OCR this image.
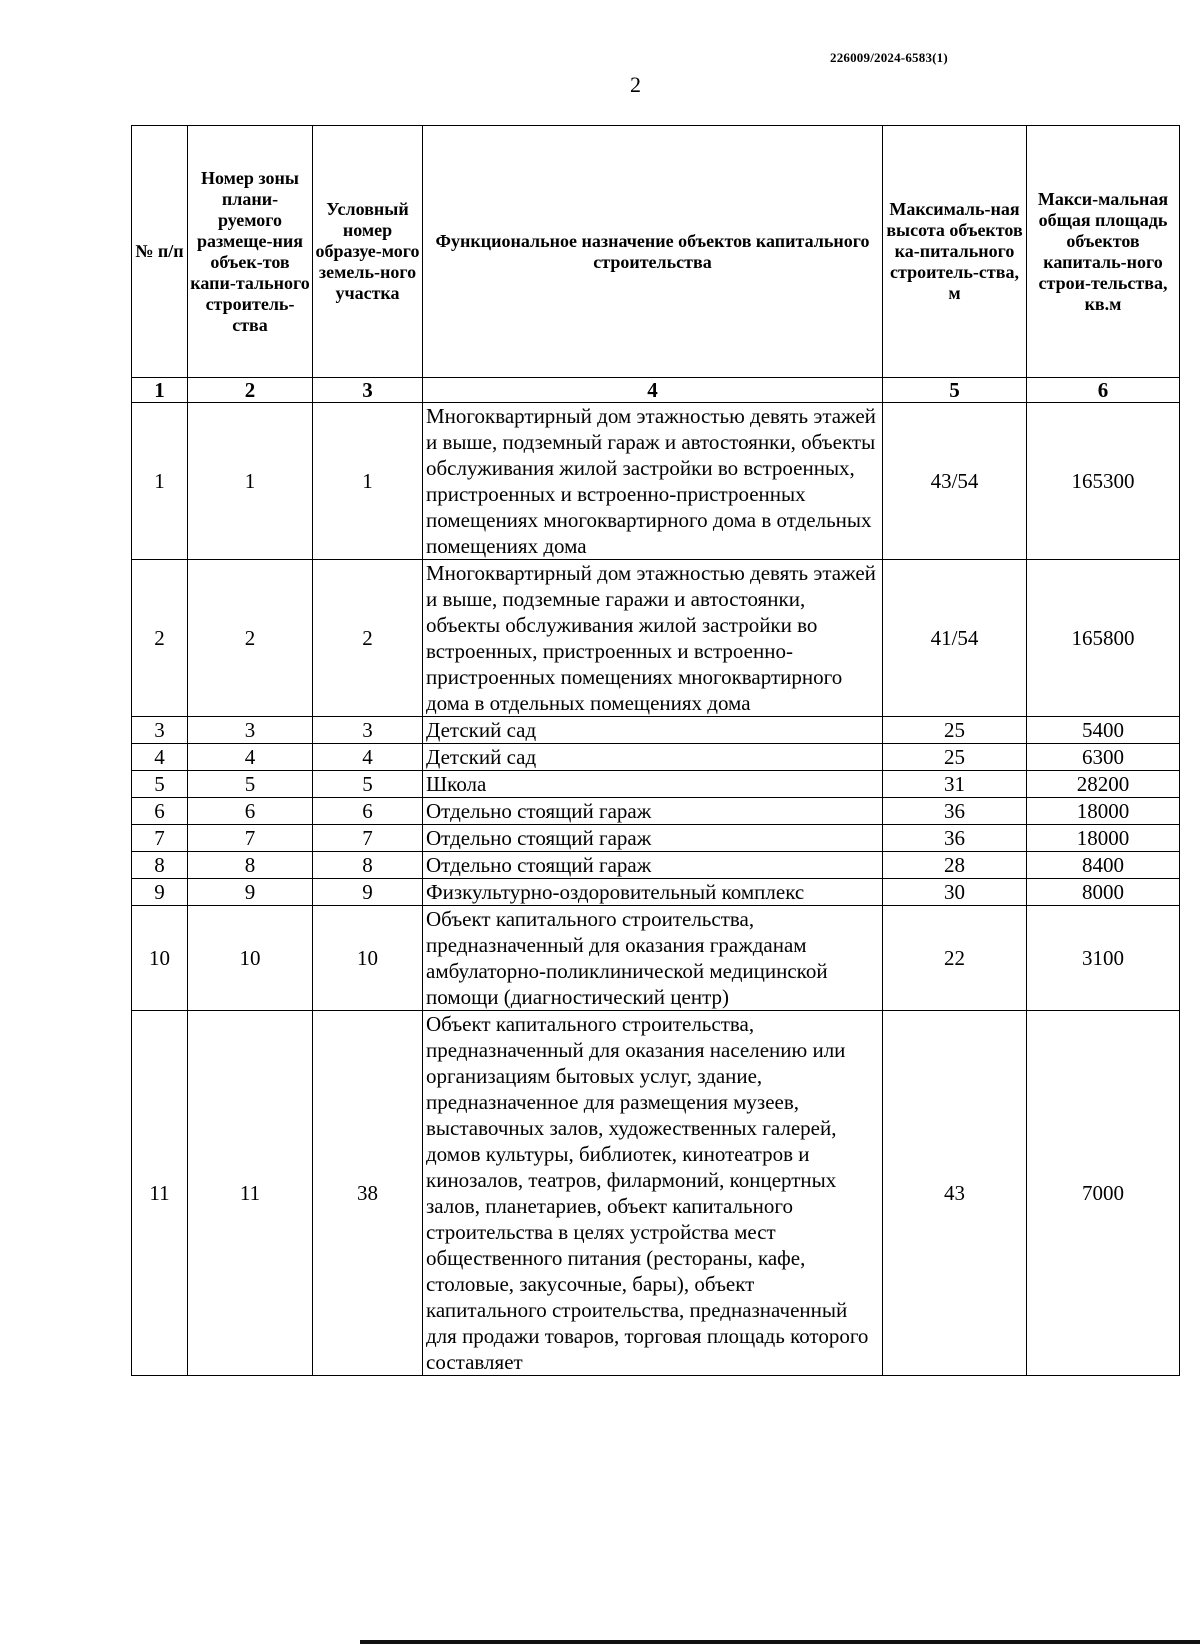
226009/2024-6583(1)
2
№ п/п	Номер зоны плани-руемого размеще-ния объек-тов капи-тального строитель-ства	Условный номер образуе-мого земель-ного участка	Функциональное назначение объектов капитального строительства	Максималь-ная высота объектов ка-питального строитель-ства, м	Макси-мальная общая площадь объектов капиталь-ного строи-тельства, кв.м
1	2	3	4	5	6
1	1	1	Многоквартирный дом этажностью девять этажей и выше, подземный гараж и автостоянки, объекты обслуживания жилой застройки во встроенных, пристроенных и встроенно-пристроенных помещениях многоквартирного дома в отдельных помещениях дома	43/54	165300
2	2	2	Многоквартирный дом этажностью девять этажей и выше, подземные гаражи и автостоянки, объекты обслуживания жилой застройки во встроенных, пристроенных и встроенно-пристроенных помещениях многоквартирного дома в отдельных помещениях дома	41/54	165800
3	3	3	Детский сад	25	5400
4	4	4	Детский сад	25	6300
5	5	5	Школа	31	28200
6	6	6	Отдельно стоящий гараж	36	18000
7	7	7	Отдельно стоящий гараж	36	18000
8	8	8	Отдельно стоящий гараж	28	8400
9	9	9	Физкультурно-оздоровительный комплекс	30	8000
10	10	10	Объект капитального строительства, предназначенный для оказания гражданам амбулаторно-поликлинической медицинской помощи (диагностический центр)	22	3100
11	11	38	Объект капитального строительства, предназначенный для оказания населению или организациям бытовых услуг, здание, предназначенное для размещения музеев, выставочных залов, художественных галерей, домов культуры, библиотек, кинотеатров и кинозалов, театров, филармоний, концертных залов, планетариев, объект капитального строительства в целях устройства мест общественного питания (рестораны, кафе, столовые, закусочные, бары), объект капитального строительства, предназначенный для продажи товаров, торговая площадь которого составляет	43	7000
